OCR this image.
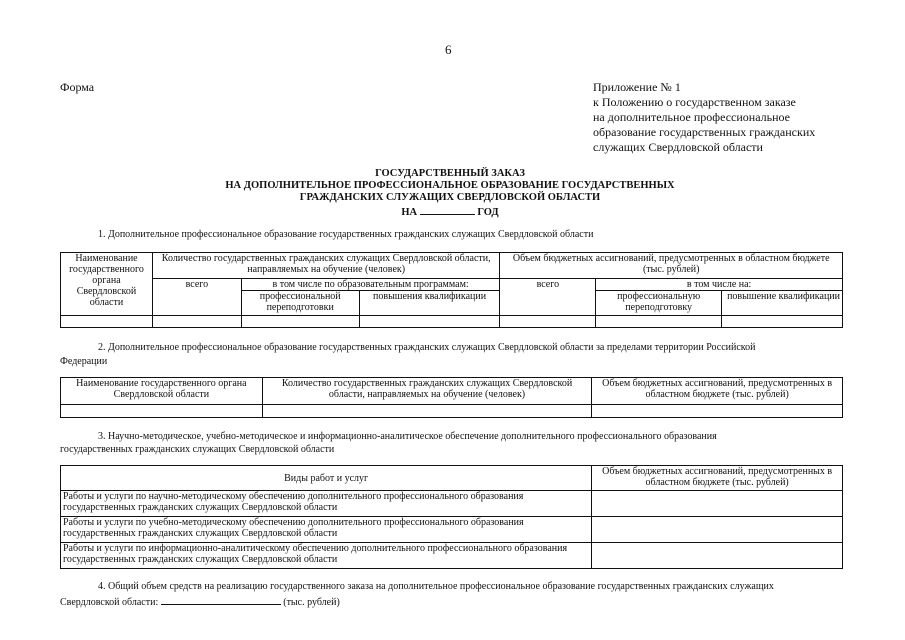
6
Форма	Приложение № 1
к Положению о государственном заказе
на дополнительное профессиональное
образование государственных гражданских
служащих Свердловской области
ГОСУДАРСТВЕННЫЙ ЗАКАЗ
НА ДОПОЛНИТЕЛЬНОЕ ПРОФЕССИОНАЛЬНОЕ ОБРАЗОВАНИЕ ГОСУДАРСТВЕННЫХ
ГРАЖДАНСКИХ СЛУЖАЩИХ СВЕРДЛОВСКОЙ ОБЛАСТИ
НА	ГОД
1. Дополнительное профессиональное образование государственных гражданских служащих Свердловской области
Наименование государственного органа Свердловской области	Количество государственных гражданских служащих Свердловской области, направляемых на обучение (человек)			Объем бюджетных ассигнований, предусмотренных в областном бюджете (тыс. рублей)		
	всего	в том числе по образовательным программам:		всего	в том числе на:	
		профессиональной переподготовки	повышения квалификации		профессиональную переподготовку	повышение квалификации

2. Дополнительное профессиональное образование государственных гражданских служащих Свердловской области за пределами территории Российской
Федерации
Наименование государственного органа Свердловской области	Количество государственных гражданских служащих Свердловской области, направляемых на обучение (человек)	Объем бюджетных ассигнований, предусмотренных в областном бюджете (тыс. рублей)

3. Научно-методическое, учебно-методическое и информационно-аналитическое обеспечение дополнительного профессионального образования
государственных гражданских служащих Свердловской области
Виды работ и услуг	Объем бюджетных ассигнований, предусмотренных в областном бюджете (тыс. рублей)
Работы и услуги по научно-методическому обеспечению дополнительного профессионального образования государственных гражданских служащих Свердловской области	
Работы и услуги по учебно-методическому обеспечению дополнительного профессионального образования государственных гражданских служащих Свердловской области	
Работы и услуги по информационно-аналитическому обеспечению дополнительного профессионального образования государственных гражданских служащих Свердловской области	
4. Общий объем средств на реализацию государственного заказа на дополнительное профессиональное образование государственных гражданских служащих
Свердловской области:	(тыс. рублей)
